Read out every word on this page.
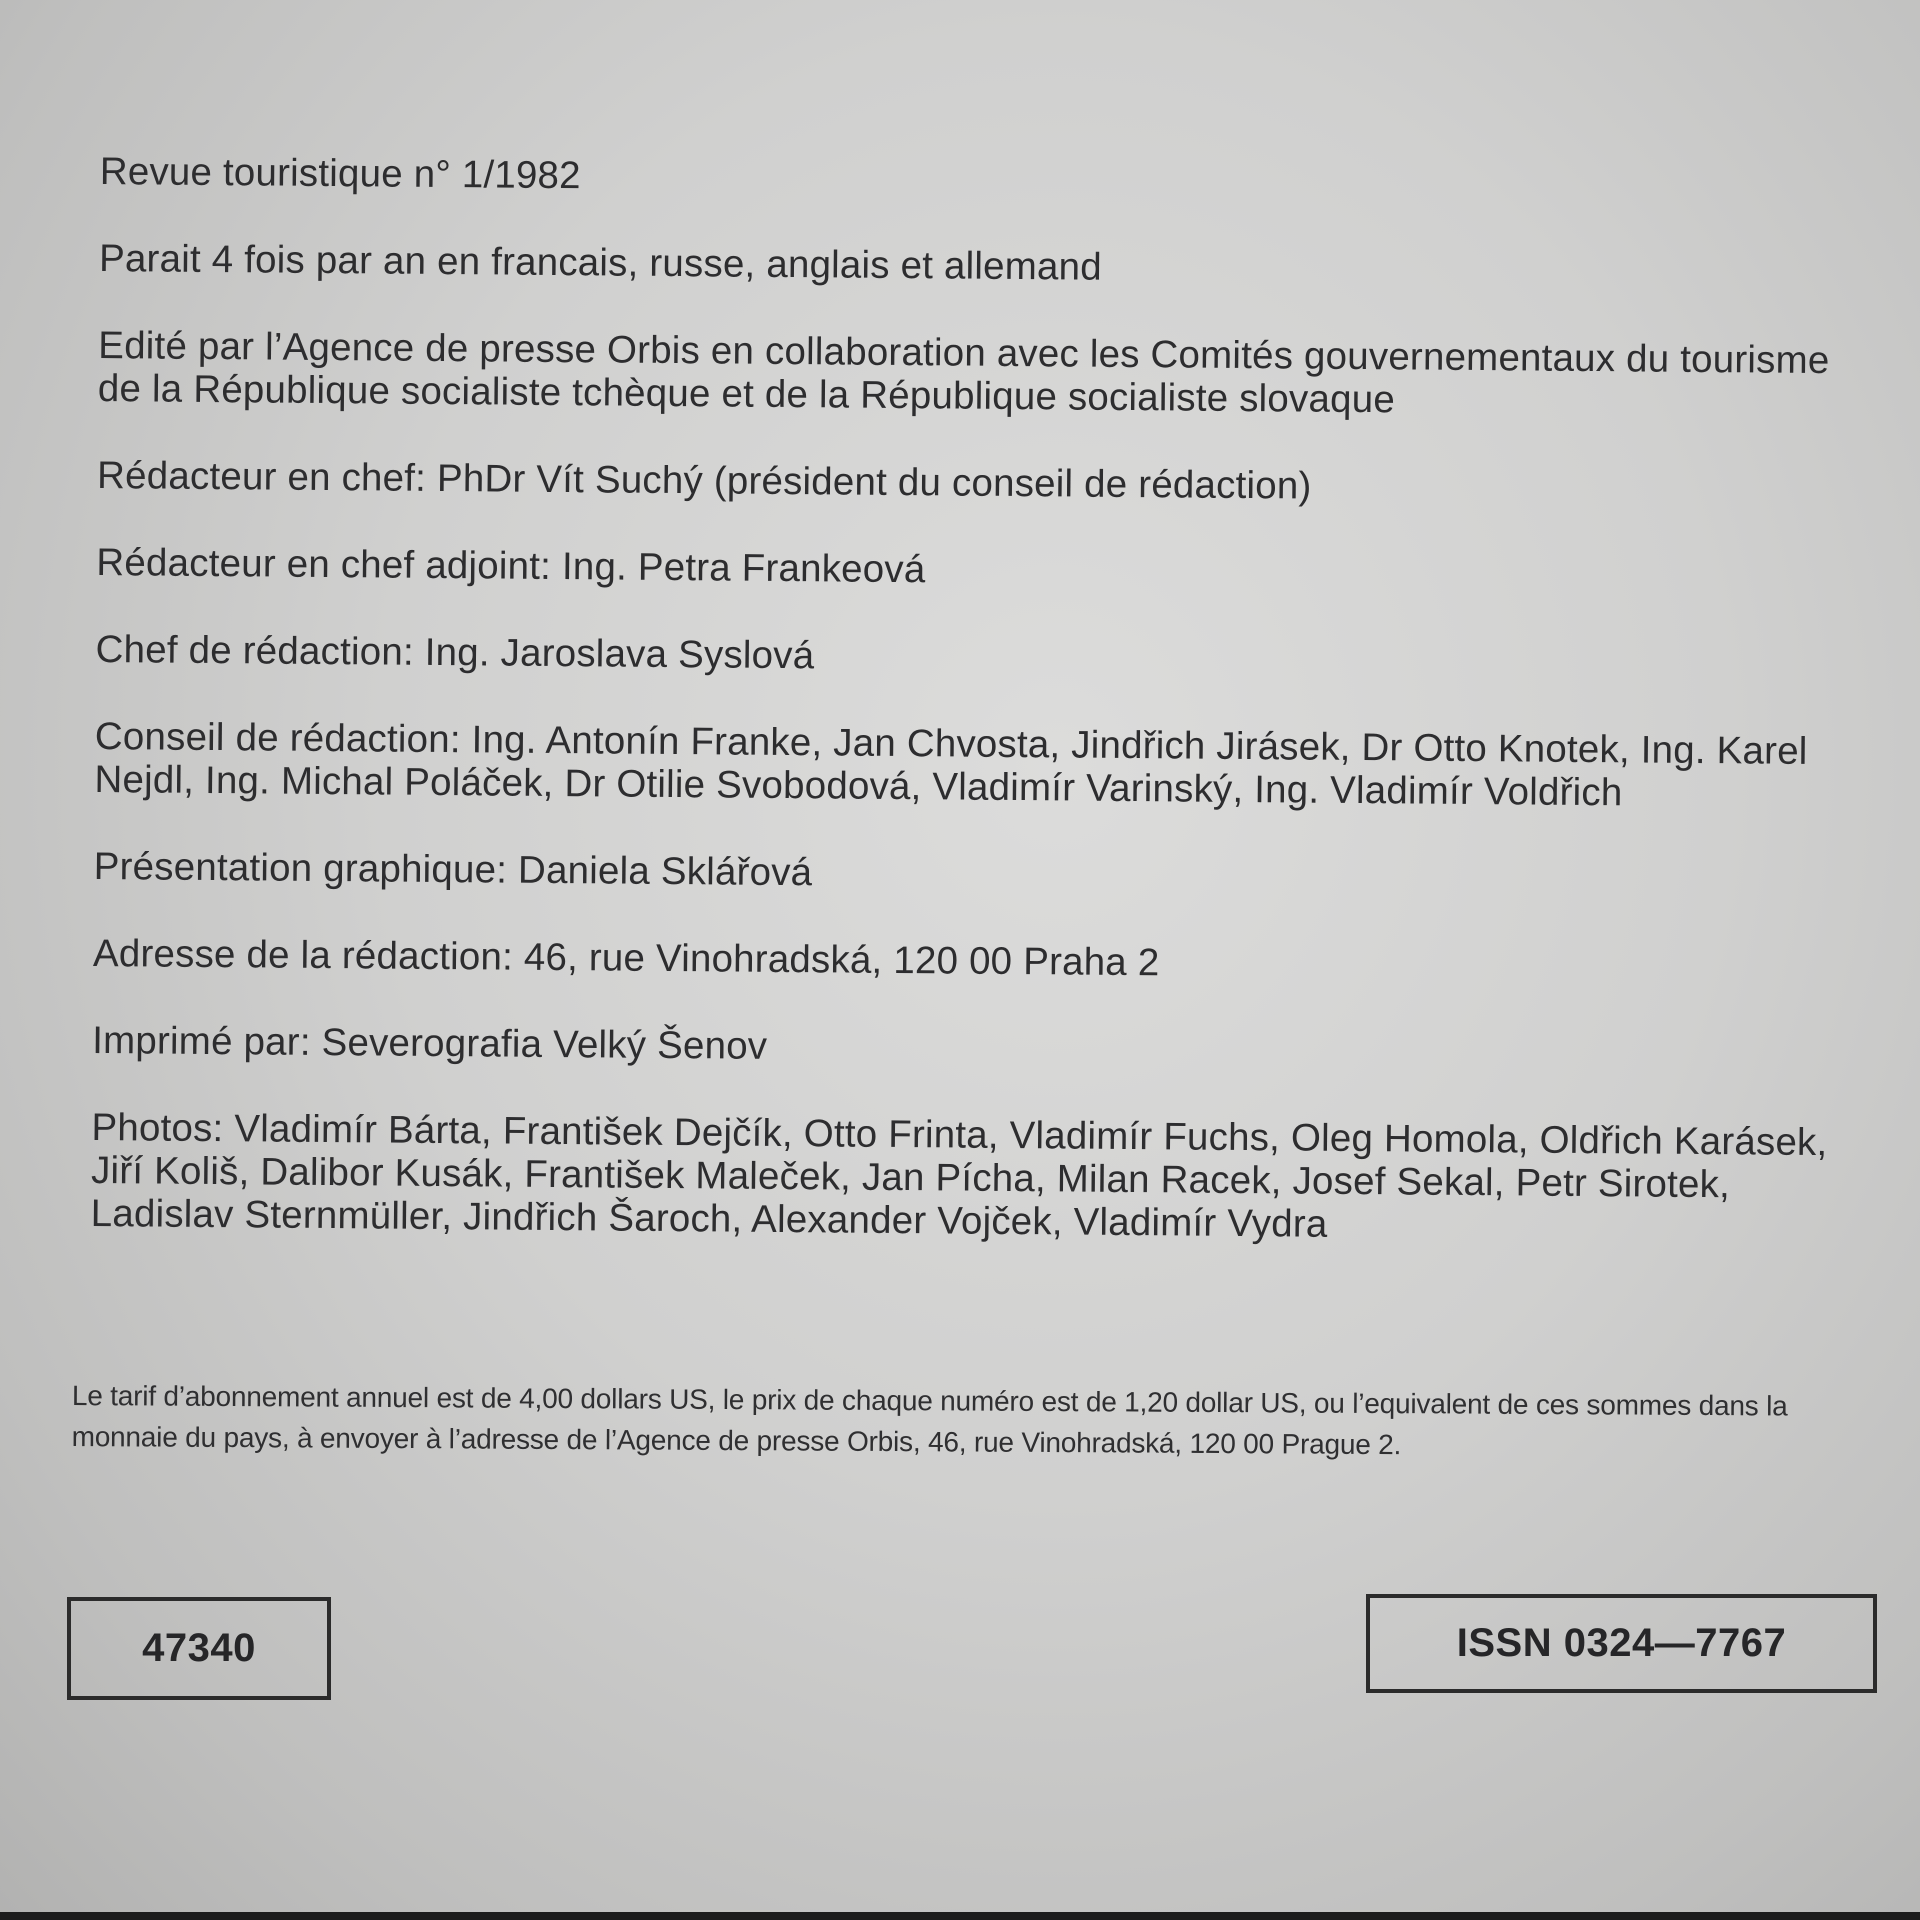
Revue touristique n° 1/1982
Parait 4 fois par an en francais, russe, anglais et allemand
Edité par l’Agence de presse Orbis en collaboration avec les Comités gouvernementaux du tourisme de la République socialiste tchèque et de la République socialiste slovaque
Rédacteur en chef: PhDr Vít Suchý (président du conseil de rédaction)
Rédacteur en chef adjoint: Ing. Petra Frankeová
Chef de rédaction: Ing. Jaroslava Syslová
Conseil de rédaction: Ing. Antonín Franke, Jan Chvosta, Jindřich Jirásek, Dr Otto Knotek, Ing. Karel Nejdl, Ing. Michal Poláček, Dr Otilie Svobodová, Vladimír Varinský, Ing. Vladimír Voldřich
Présentation graphique: Daniela Sklářová
Adresse de la rédaction: 46, rue Vinohradská, 120 00 Praha 2
Imprimé par: Severografia Velký Šenov
Photos: Vladimír Bárta, František Dejčík, Otto Frinta, Vladimír Fuchs, Oleg Homola, Oldřich Karásek, Jiří Koliš, Dalibor Kusák, František Maleček, Jan Pícha, Milan Racek, Josef Sekal, Petr Sirotek, Ladislav Sternmüller, Jindřich Šaroch, Alexander Vojček, Vladimír Vydra
Le tarif d’abonnement annuel est de 4,00 dollars US, le prix de chaque numéro est de 1,20 dollar US, ou l’equivalent de ces sommes dans la monnaie du pays, à envoyer à l’adresse de l’Agence de presse Orbis, 46, rue Vinohradská, 120 00 Prague 2.
47340	ISSN 0324—7767
